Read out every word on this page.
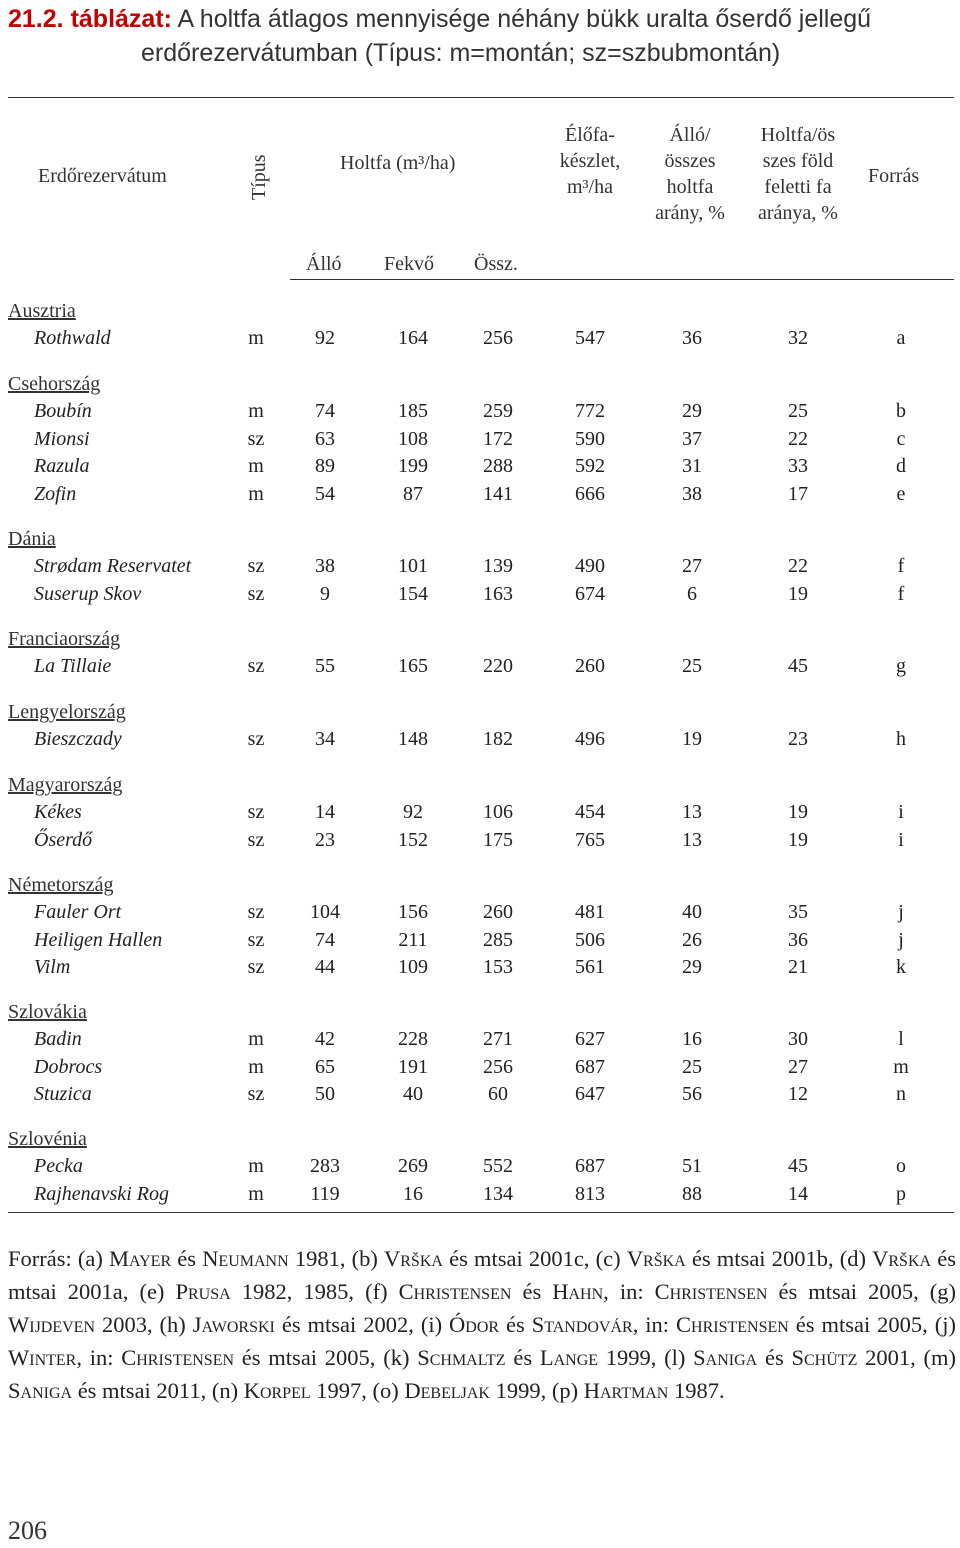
21.2. táblázat: A holtfa átlagos mennyisége néhány bükk uralta őserdő jellegű
erdőrezervátumban (Típus: m=montán; sz=szbubmontán)
Erdőrezervátum	Típus	Holtfa (m³/ha)
Élőfa-
készlet,
m³/ha
Álló/
összes
holtfa
arány, %
Holtfa/ös
szes föld
feletti fa
aránya, %
Forrás
Álló Fekvő Össz.
Ausztria
Rothwald	m	92	164	256	547	36	32	a
Csehország
Boubín	m	74	185	259	772	29	25	b
Mionsi	sz	63	108	172	590	37	22	c
Razula	m	89	199	288	592	31	33	d
Zofin	m	54	87	141	666	38	17	e
Dánia
Strødam Reservatet	sz	38	101	139	490	27	22	f
Suserup Skov	sz	9	154	163	674	6	19	f
Franciaország
La Tillaie	sz	55	165	220	260	25	45	g
Lengyelország
Bieszczady	sz	34	148	182	496	19	23	h
Magyarország
Kékes	sz	14	92	106	454	13	19	i
Őserdő	sz	23	152	175	765	13	19	i
Németország
Fauler Ort	sz	104	156	260	481	40	35	j
Heiligen Hallen	sz	74	211	285	506	26	36	j
Vilm	sz	44	109	153	561	29	21	k
Szlovákia
Badin	m	42	228	271	627	16	30	l
Dobrocs	m	65	191	256	687	25	27	m
Stuzica	sz	50	40	60	647	56	12	n
Szlovénia
Pecka	m	283	269	552	687	51	45	o
Rajhenavski Rog	m	119	16	134	813	88	14	p
Forrás: (a) Mayer és Neumann 1981, (b) Vrška és mtsai 2001c, (c) Vrška és mtsai 2001b, (d) Vrška és mtsai 2001a, (e) Prusa 1982, 1985, (f) Christensen és Hahn, in: Christensen és mtsai 2005, (g) Wijdeven 2003, (h) Jaworski és mtsai 2002, (i) Ódor és Standovár, in: Christensen és mtsai 2005, (j) Winter, in: Christensen és mtsai 2005, (k) Schmaltz és Lange 1999, (l) Saniga és Schütz 2001, (m) Saniga és mtsai 2011, (n) Korpel 1997, (o) Debeljak 1999, (p) Hartman 1987.
206
